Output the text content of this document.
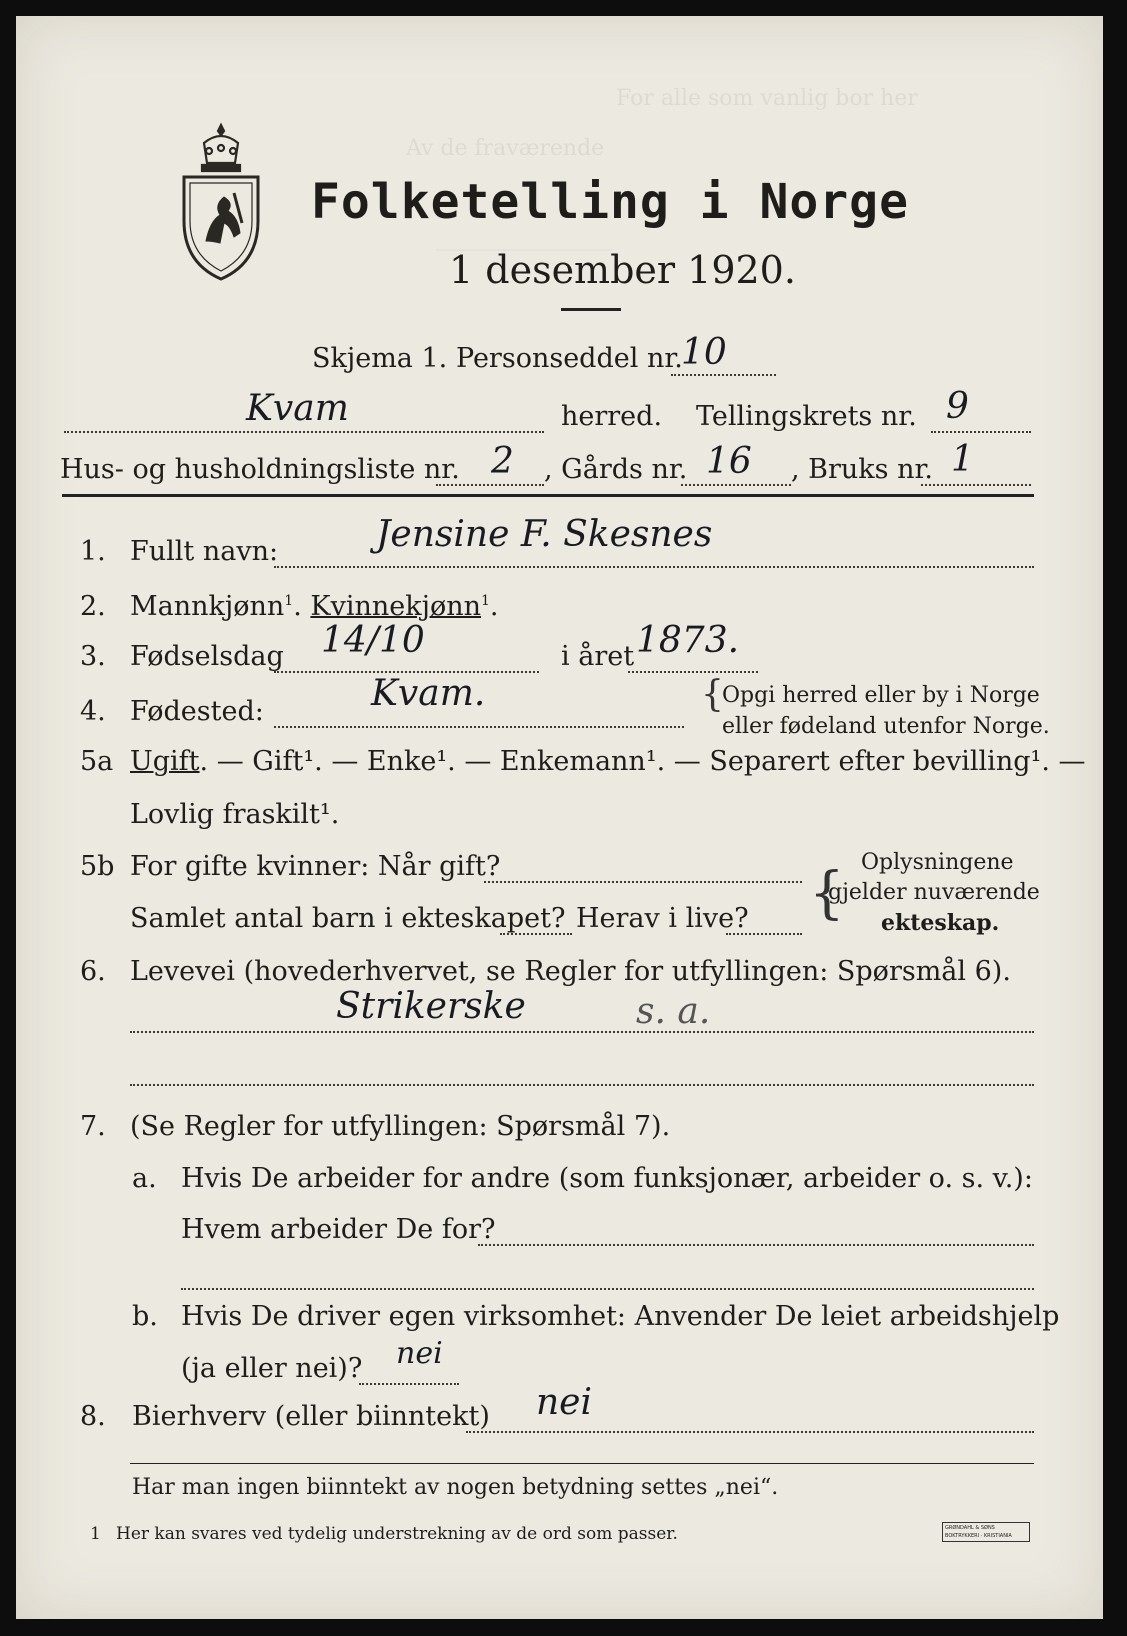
For alle som vanlig bor her
Av de fraværende
________________
Folketelling i Norge
1 desember 1920.
Skjema 1. Personseddel nr.
10
Kvam	herred. Tellingskrets nr. 9
Hus- og husholdningsliste nr. 2 , Gårds nr. 16 , Bruks nr. 1
1. Fullt navn:	Jensine F. Skesnes
2. Mannkjønn$^1$. Kvinnekjønn$^1$.
3. Fødselsdag 14/10	i året 1873.
4. Fødested:	Kvam.	{
Opgi herred eller by i Norge
eller fødeland utenfor Norge.
5a Ugift. — Gift¹. — Enke¹. — Enkemann¹. — Separert efter bevilling¹. —
Lovlig fraskilt¹.
5b For gifte kvinner: Når gift?
Samlet antal barn i ekteskapet? Herav i live? { Oplysningene
gjelder nuværende
ekteskap.
6. Levevei (hovederhvervet, se Regler for utfyllingen: Spørsmål 6).
Strikerske	s. a.
7. (Se Regler for utfyllingen: Spørsmål 7).
a. Hvis De arbeider for andre (som funksjonær, arbeider o. s. v.):
Hvem arbeider De for?
b. Hvis De driver egen virksomhet: Anvender De leiet arbeidshjelp
(ja eller nei)? nei
8. Bierhverv (eller biinntekt) nei
Har man ingen biinntekt av nogen betydning settes „nei“.
1 Her kan svares ved tydelig understrekning av de ord som passer.	GRØNDAHL & SØNS BOKTRYKKERI · KRISTIANIA
